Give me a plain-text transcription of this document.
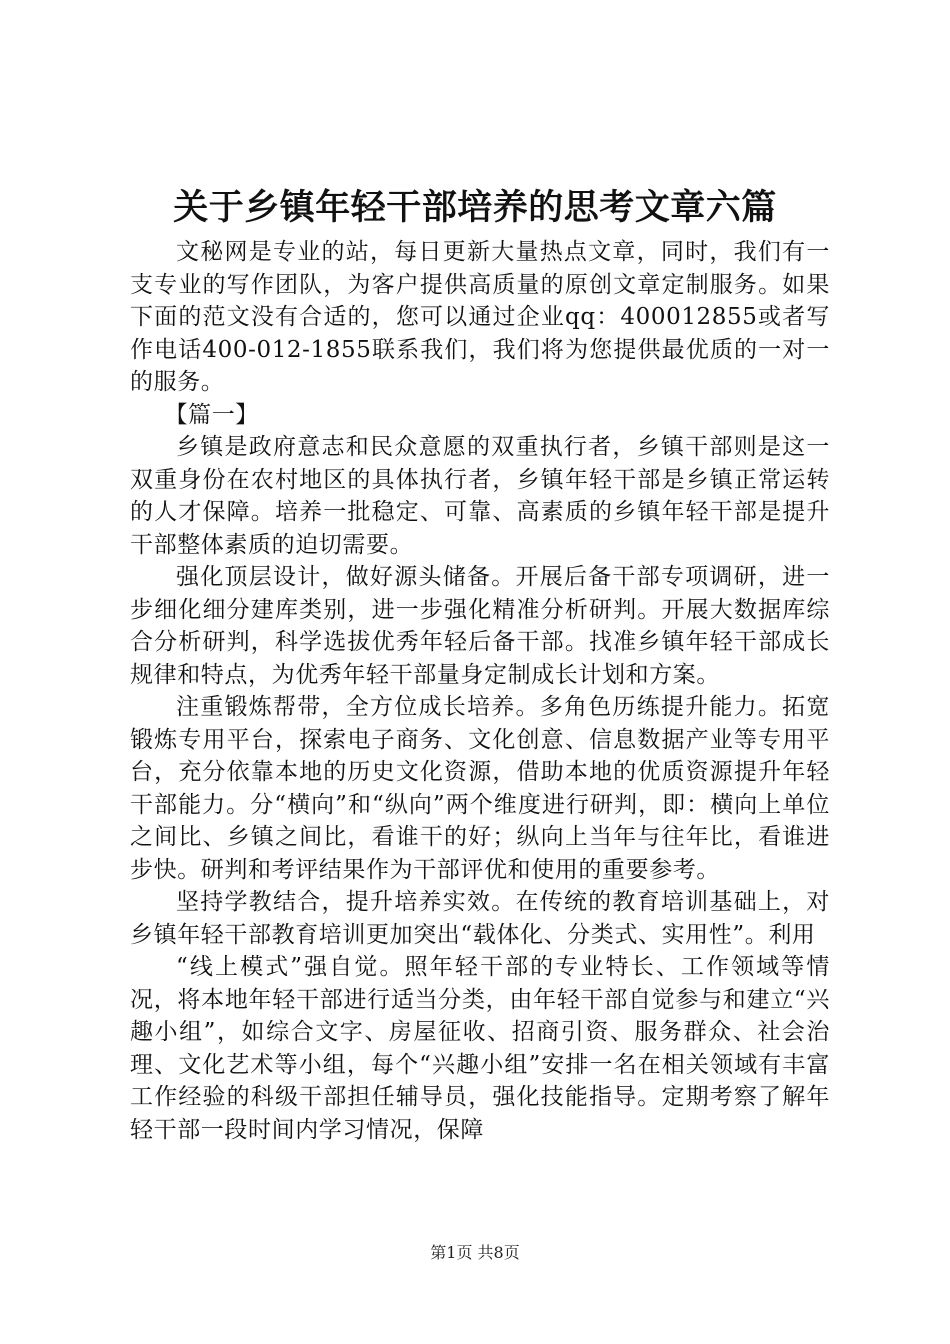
关于乡镇年轻干部培养的思考文章六篇

文秘网是专业的站，每日更新大量热点文章，同时，我们有一支专业的写作团队，为客户提供高质量的原创文章定制服务。如果下面的范文没有合适的，您可以通过企业qq：400012855或者写作电话400-012-1855联系我们，我们将为您提供最优质的一对一的服务。

【篇一】

乡镇是政府意志和民众意愿的双重执行者，乡镇干部则是这一双重身份在农村地区的具体执行者，乡镇年轻干部是乡镇正常运转的人才保障。培养一批稳定、可靠、高素质的乡镇年轻干部是提升干部整体素质的迫切需要。

强化顶层设计，做好源头储备。开展后备干部专项调研，进一步细化细分建库类别，进一步强化精准分析研判。开展大数据库综合分析研判，科学选拔优秀年轻后备干部。找准乡镇年轻干部成长规律和特点，为优秀年轻干部量身定制成长计划和方案。

注重锻炼帮带，全方位成长培养。多角色历练提升能力。拓宽锻炼专用平台，探索电子商务、文化创意、信息数据产业等专用平台，充分依靠本地的历史文化资源，借助本地的优质资源提升年轻干部能力。分“横向”和“纵向”两个维度进行研判，即：横向上单位之间比、乡镇之间比，看谁干的好；纵向上当年与往年比，看谁进步快。研判和考评结果作为干部评优和使用的重要参考。

坚持学教结合，提升培养实效。在传统的教育培训基础上，对乡镇年轻干部教育培训更加突出“载体化、分类式、实用性”。利用

“线上模式”强自觉。照年轻干部的专业特长、工作领域等情况，将本地年轻干部进行适当分类，由年轻干部自觉参与和建立“兴趣小组”，如综合文字、房屋征收、招商引资、服务群众、社会治理、文化艺术等小组，每个“兴趣小组”安排一名在相关领域有丰富工作经验的科级干部担任辅导员，强化技能指导。定期考察了解年轻干部一段时间内学习情况，保障

第1页 共8页
